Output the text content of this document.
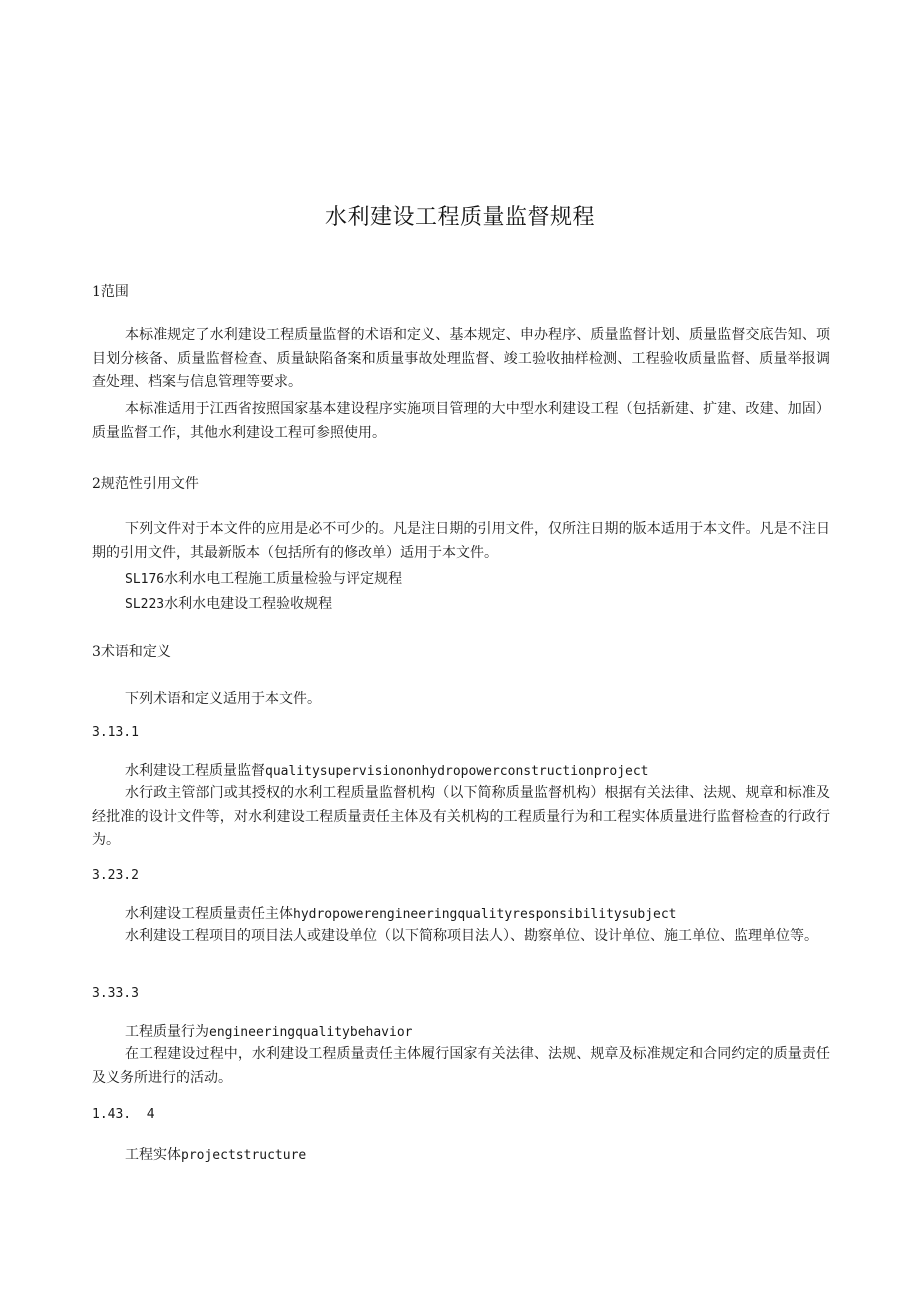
水利建设工程质量监督规程
1范围
本标准规定了水利建设工程质量监督的术语和定义、基本规定、申办程序、质量监督计划、质量监督交底告知、项目划分核备、质量监督检查、质量缺陷备案和质量事故处理监督、竣工验收抽样检测、工程验收质量监督、质量举报调查处理、档案与信息管理等要求。
本标准适用于江西省按照国家基本建设程序实施项目管理的大中型水利建设工程（包括新建、扩建、改建、加固）质量监督工作，其他水利建设工程可参照使用。
2规范性引用文件
下列文件对于本文件的应用是必不可少的。凡是注日期的引用文件，仅所注日期的版本适用于本文件。凡是不注日期的引用文件，其最新版本（包括所有的修改单）适用于本文件。
SL176水利水电工程施工质量检验与评定规程
SL223水利水电建设工程验收规程
3术语和定义
下列术语和定义适用于本文件。
3.13.1
水利建设工程质量监督qualitysupervisiononhydropowerconstructionproject
水行政主管部门或其授权的水利工程质量监督机构（以下简称质量监督机构）根据有关法律、法规、规章和标准及经批准的设计文件等，对水利建设工程质量责任主体及有关机构的工程质量行为和工程实体质量进行监督检查的行政行为。
3.23.2
水利建设工程质量责任主体hydropowerengineeringqualityresponsibilitysubject
水利建设工程项目的项目法人或建设单位（以下简称项目法人）、勘察单位、设计单位、施工单位、监理单位等。
3.33.3
工程质量行为engineeringqualitybehavior
在工程建设过程中，水利建设工程质量责任主体履行国家有关法律、法规、规章及标准规定和合同约定的质量责任及义务所进行的活动。
1.43.  4
工程实体projectstructure
